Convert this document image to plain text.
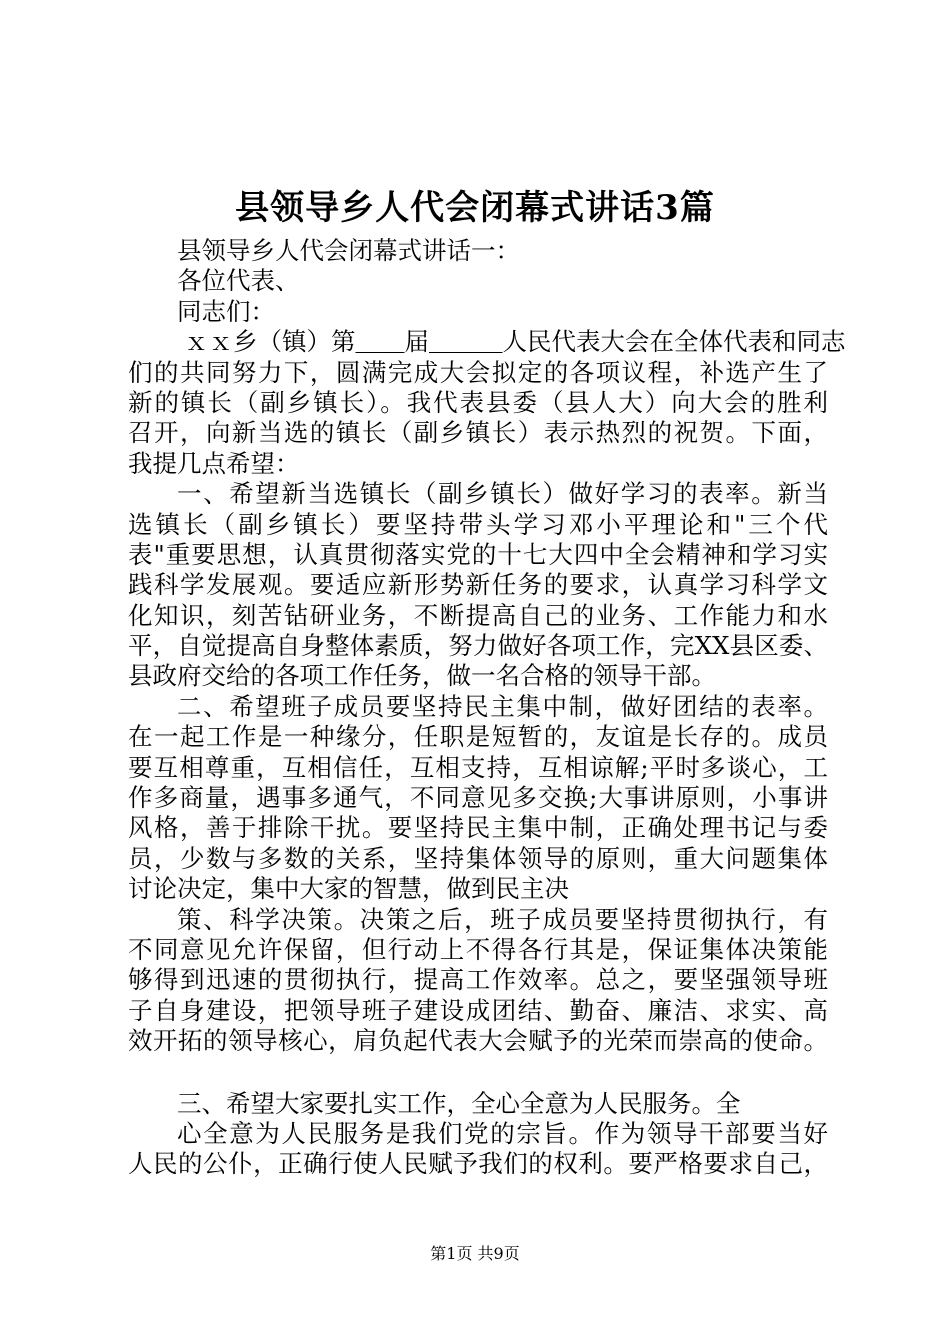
县领导乡人代会闭幕式讲话3篇
县领导乡人代会闭幕式讲话一：
各位代表、
同志们：
ｘｘ乡（镇）第＿＿届＿＿＿人民代表大会在全体代表和同志
们的共同努力下，圆满完成大会拟定的各项议程，补选产生了
新的镇长（副乡镇长）。我代表县委（县人大）向大会的胜利
召开，向新当选的镇长（副乡镇长）表示热烈的祝贺。下面，
我提几点希望：
一、希望新当选镇长（副乡镇长）做好学习的表率。新当
选镇长（副乡镇长）要坚持带头学习邓小平理论和"三个代
表"重要思想，认真贯彻落实党的十七大四中全会精神和学习实
践科学发展观。要适应新形势新任务的要求，认真学习科学文
化知识，刻苦钻研业务，不断提高自己的业务、工作能力和水
平，自觉提高自身整体素质，努力做好各项工作，完XX县区委、
县政府交给的各项工作任务，做一名合格的领导干部。
二、希望班子成员要坚持民主集中制，做好团结的表率。
在一起工作是一种缘分，任职是短暂的，友谊是长存的。成员
要互相尊重，互相信任，互相支持，互相谅解;平时多谈心，工
作多商量，遇事多通气，不同意见多交换;大事讲原则，小事讲
风格，善于排除干扰。要坚持民主集中制，正确处理书记与委
员，少数与多数的关系，坚持集体领导的原则，重大问题集体
讨论决定，集中大家的智慧，做到民主决
策、科学决策。决策之后，班子成员要坚持贯彻执行，有
不同意见允许保留，但行动上不得各行其是，保证集体决策能
够得到迅速的贯彻执行，提高工作效率。总之，要坚强领导班
子自身建设，把领导班子建设成团结、勤奋、廉洁、求实、高
效开拓的领导核心，肩负起代表大会赋予的光荣而崇高的使命。
三、希望大家要扎实工作，全心全意为人民服务。全
心全意为人民服务是我们党的宗旨。作为领导干部要当好
人民的公仆，正确行使人民赋予我们的权利。要严格要求自己，
第1页 共9页
